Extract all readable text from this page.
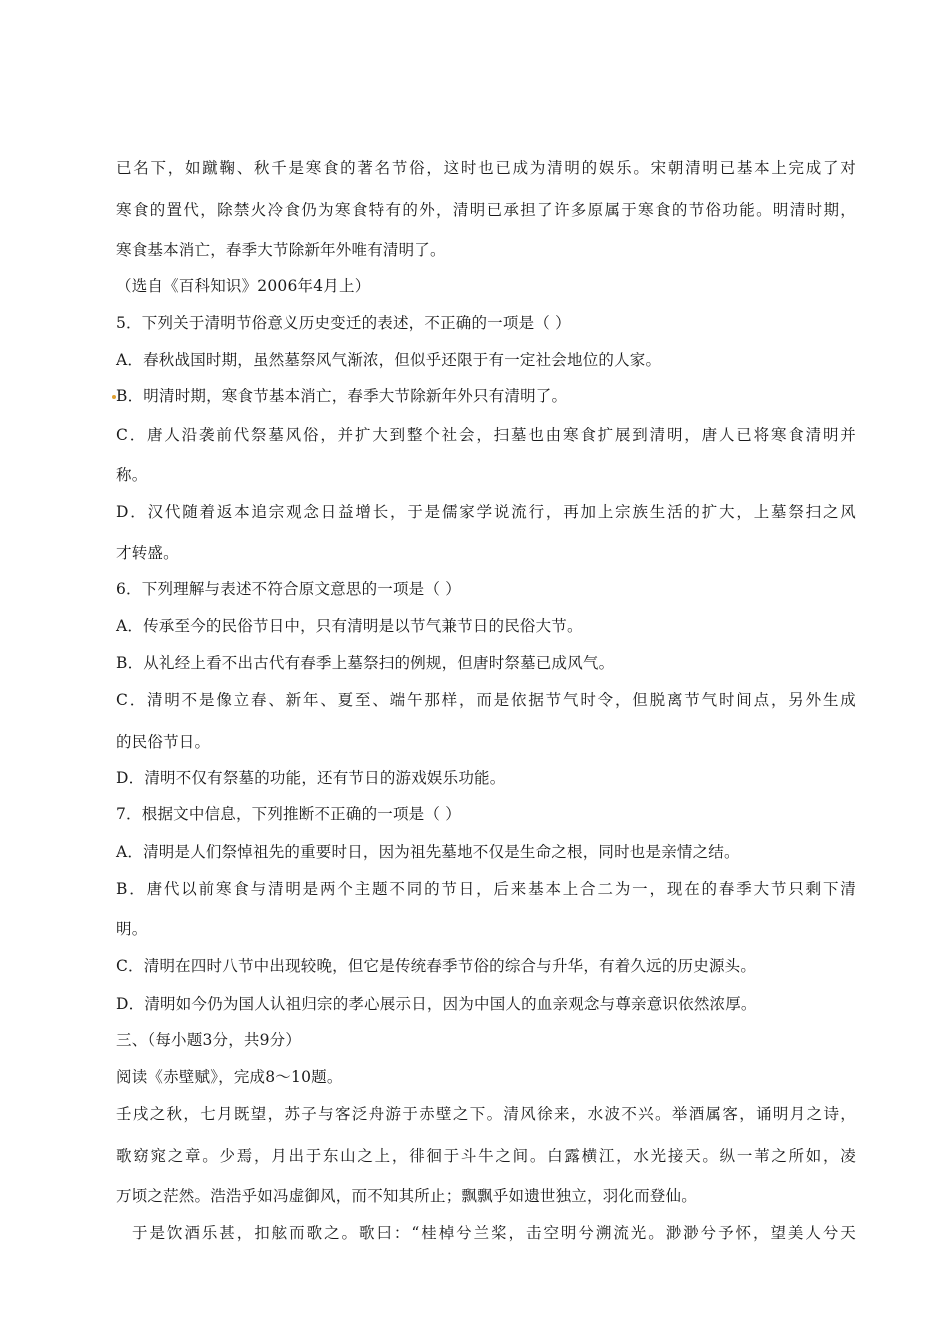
已名下，如蹴鞠、秋千是寒食的著名节俗，这时也已成为清明的娱乐。宋朝清明已基本上完成了对
寒食的置代，除禁火冷食仍为寒食特有的外，清明已承担了许多原属于寒食的节俗功能。明清时期，
寒食基本消亡，春季大节除新年外唯有清明了。
（选自《百科知识》2006年4月上）
5．下列关于清明节俗意义历史变迁的表述，不正确的一项是（ ）
A．春秋战国时期，虽然墓祭风气渐浓，但似乎还限于有一定社会地位的人家。
B．明清时期，寒食节基本消亡，春季大节除新年外只有清明了。
C．唐人沿袭前代祭墓风俗，并扩大到整个社会，扫墓也由寒食扩展到清明，唐人已将寒食清明并
称。
D．汉代随着返本追宗观念日益增长，于是儒家学说流行，再加上宗族生活的扩大，上墓祭扫之风
才转盛。
6．下列理解与表述不符合原文意思的一项是（ ）
A．传承至今的民俗节日中，只有清明是以节气兼节日的民俗大节。
B．从礼经上看不出古代有春季上墓祭扫的例规，但唐时祭墓已成风气。
C．清明不是像立春、新年、夏至、端午那样，而是依据节气时令，但脱离节气时间点，另外生成
的民俗节日。
D．清明不仅有祭墓的功能，还有节日的游戏娱乐功能。
7．根据文中信息，下列推断不正确的一项是（ ）
A．清明是人们祭悼祖先的重要时日，因为祖先墓地不仅是生命之根，同时也是亲情之结。
B．唐代以前寒食与清明是两个主题不同的节日，后来基本上合二为一，现在的春季大节只剩下清
明。
C．清明在四时八节中出现较晚，但它是传统春季节俗的综合与升华，有着久远的历史源头。
D．清明如今仍为国人认祖归宗的孝心展示日，因为中国人的血亲观念与尊亲意识依然浓厚。
三、（每小题3分，共9分）
阅读《赤壁赋》，完成8～10题。
壬戌之秋，七月既望，苏子与客泛舟游于赤壁之下。清风徐来，水波不兴。举酒属客，诵明月之诗，
歌窈窕之章。少焉，月出于东山之上，徘徊于斗牛之间。白露横江，水光接天。纵一苇之所如，凌
万顷之茫然。浩浩乎如冯虚御风，而不知其所止；飘飘乎如遗世独立，羽化而登仙。
于是饮酒乐甚，扣舷而歌之。歌曰：“桂棹兮兰桨，击空明兮溯流光。渺渺兮予怀，望美人兮天
